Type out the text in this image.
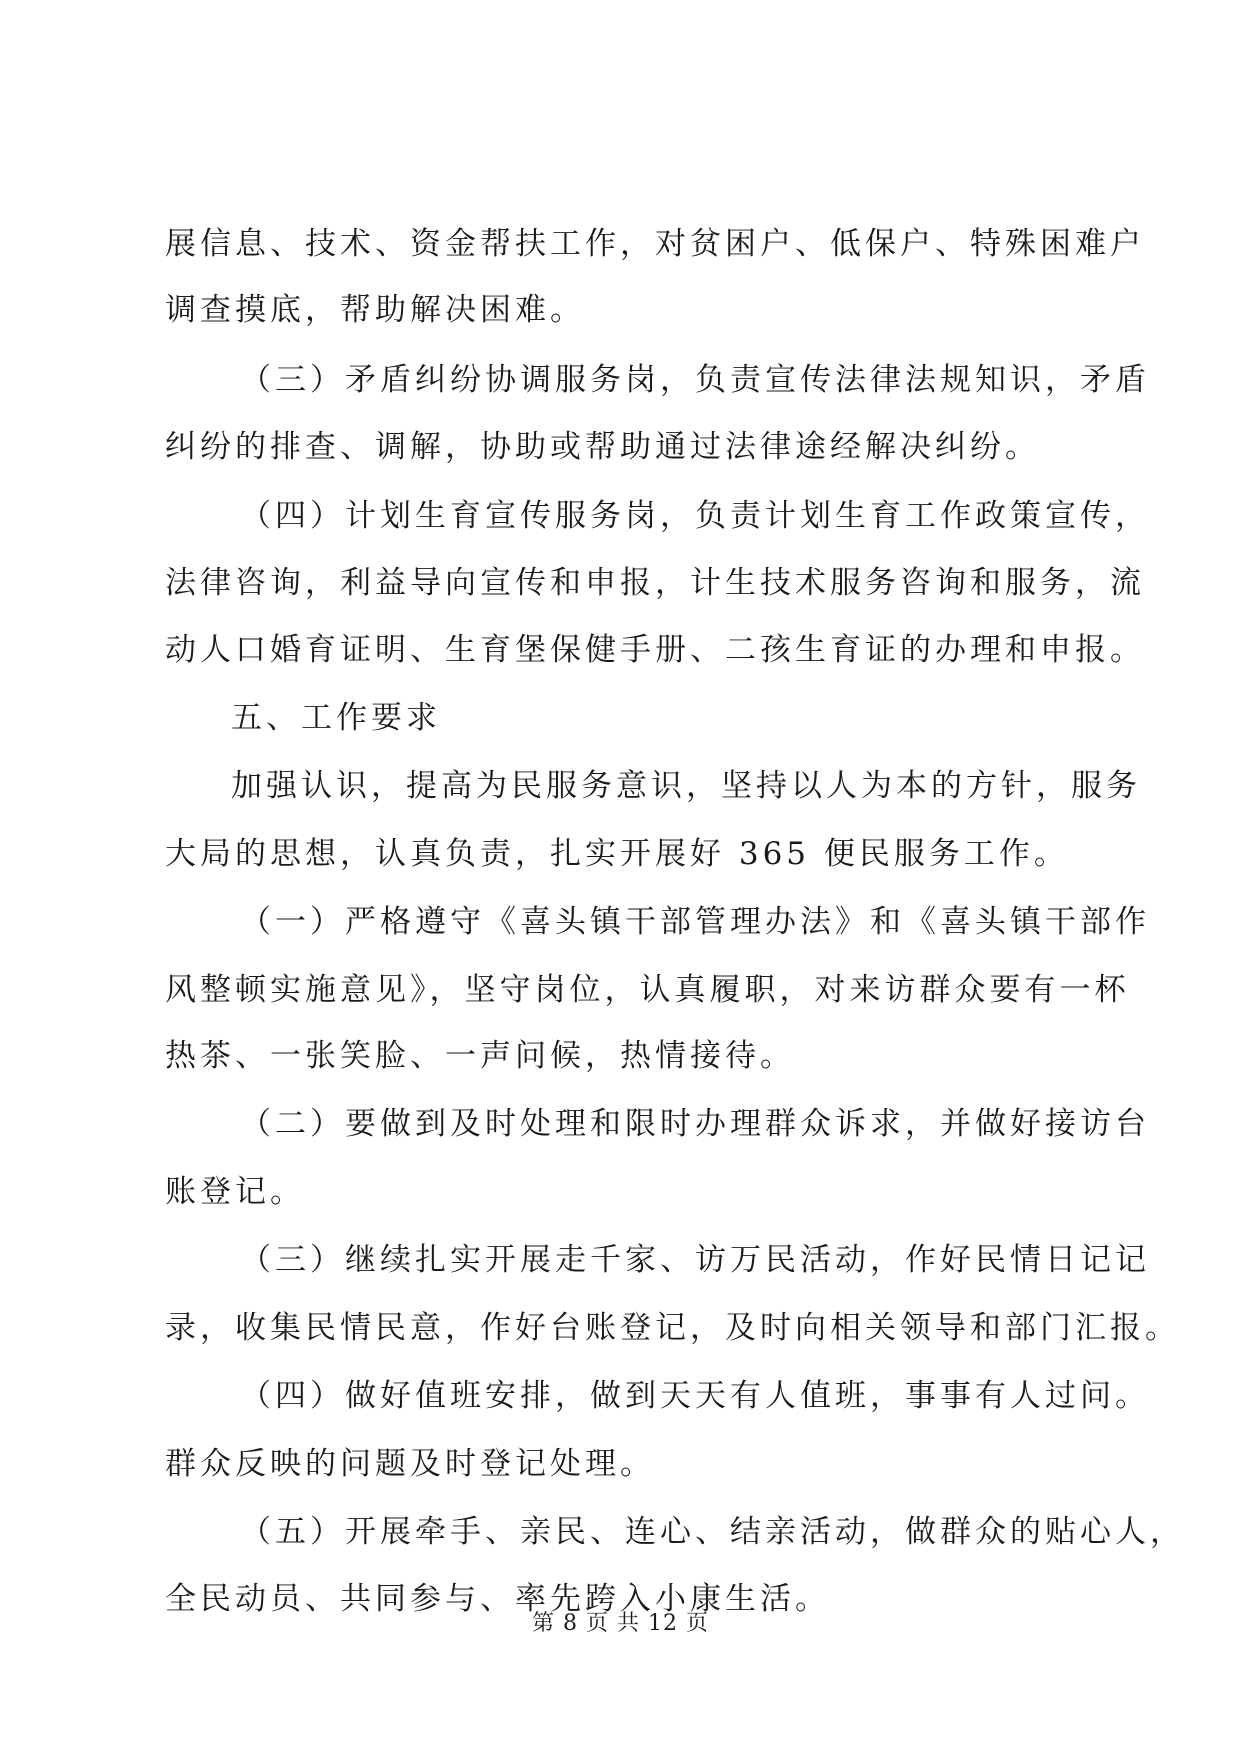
展信息、技术、资金帮扶工作，对贫困户、低保户、特殊困难户
调查摸底，帮助解决困难。
（三）矛盾纠纷协调服务岗，负责宣传法律法规知识，矛盾
纠纷的排查、调解，协助或帮助通过法律途经解决纠纷。
（四）计划生育宣传服务岗，负责计划生育工作政策宣传，
法律咨询，利益导向宣传和申报，计生技术服务咨询和服务，流
动人口婚育证明、生育堡保健手册、二孩生育证的办理和申报。
五、工作要求
加强认识，提高为民服务意识，坚持以人为本的方针，服务
大局的思想，认真负责，扎实开展好 365 便民服务工作。
（一）严格遵守《喜头镇干部管理办法》和《喜头镇干部作
风整顿实施意见》，坚守岗位，认真履职，对来访群众要有一杯
热茶、一张笑脸、一声问候，热情接待。
（二）要做到及时处理和限时办理群众诉求，并做好接访台
账登记。
（三）继续扎实开展走千家、访万民活动，作好民情日记记
录，收集民情民意，作好台账登记，及时向相关领导和部门汇报。
（四）做好值班安排，做到天天有人值班，事事有人过问。
群众反映的问题及时登记处理。
（五）开展牵手、亲民、连心、结亲活动，做群众的贴心人，
全民动员、共同参与、率先跨入小康生活。
第 8 页 共 12 页
